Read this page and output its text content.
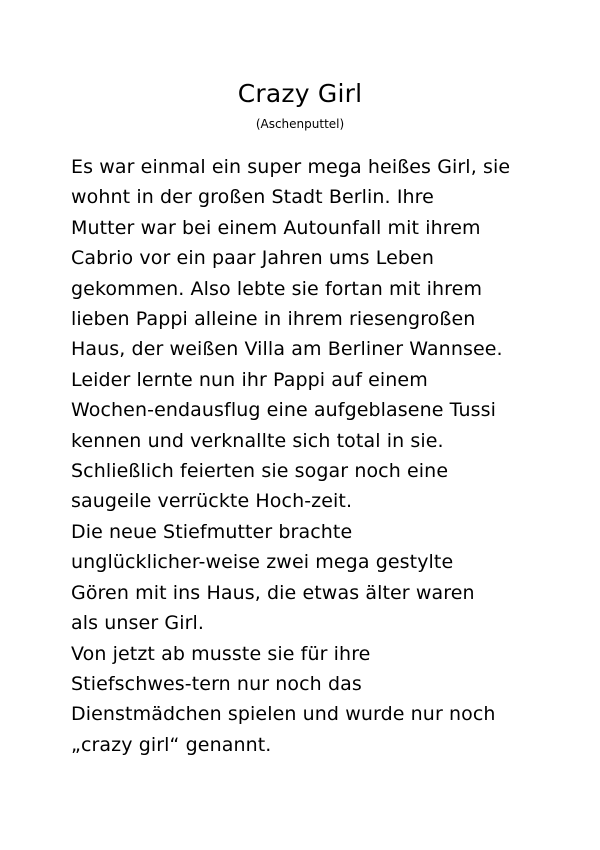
Crazy Girl
(Aschenputtel)
Es war einmal ein super mega heißes Girl, sie
wohnt in der großen Stadt Berlin. Ihre
Mutter war bei einem Autounfall mit ihrem
Cabrio vor ein paar Jahren ums Leben
gekommen. Also lebte sie fortan mit ihrem
lieben Pappi alleine in ihrem riesengroßen
Haus, der weißen Villa am Berliner Wannsee.
Leider lernte nun ihr Pappi auf einem
Wochen-endausflug eine aufgeblasene Tussi
kennen und verknallte sich total in sie.
Schließlich feierten sie sogar noch eine
saugeile verrückte Hoch-zeit.
Die neue Stiefmutter brachte
unglücklicher-weise zwei mega gestylte
Gören mit ins Haus, die etwas älter waren
als unser Girl.
Von jetzt ab musste sie für ihre
Stiefschwes-tern nur noch das
Dienstmädchen spielen und wurde nur noch
„crazy girl“ genannt.
